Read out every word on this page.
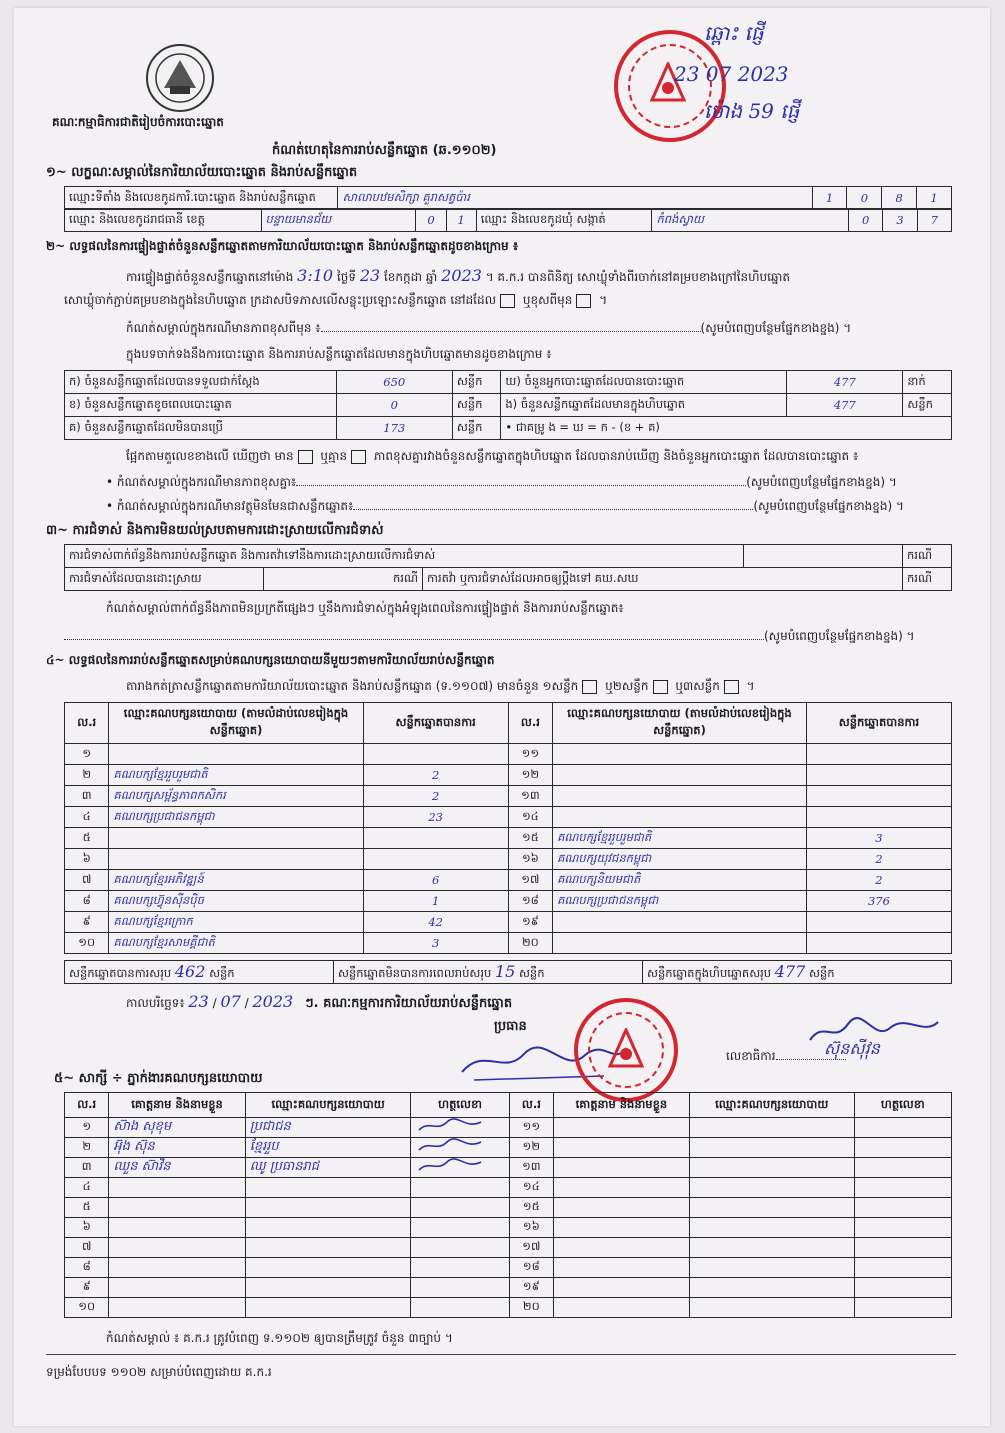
គណៈកម្មាធិការជាតិរៀបចំការបោះឆ្នោត
ឆ្ពោះ ផ្ញើ
23 07 2023
ម៉ោង 59 ផ្ញើ
កំណត់ហេតុនៃការរាប់សន្លឹកឆ្នោត (ឆ.១១០២)
១~ លក្ខណៈសម្គាល់នៃការិយាល័យបោះឆ្នោត និងរាប់សន្លឹកឆ្នោត
ឈ្មោះទីតាំង និងលេខកូដការិ.បោះឆ្នោត និងរាប់សន្លឹកឆ្នោត	សាលាបឋមសិក្សា គួរាសត្វប៉ារ	1	0	8	1
ឈ្មោះ និងលេខកូដរាជធានី ខេត្ត	បន្ទាយមានជ័យ	0	1	ឈ្មោះ និងលេខកូដឃុំ សង្កាត់	កំពង់ស្វាយ	0	3	7
២~ លទ្ធផលនៃការផ្ទៀងផ្ទាត់ចំនួនសន្លឹកឆ្នោតតាមការិយាល័យបោះឆ្នោត និងរាប់សន្លឹកឆ្នោតដូចខាងក្រោម ៖
ការផ្ទៀងផ្ទាត់ចំនួនសន្លឹកឆ្នោតនៅម៉ោង 3:10 ថ្ងៃទី 23 ខែកក្កដា ឆ្នាំ 2023 ។ គ.ក.រ បានពិនិត្យ សោឃ្លុំទាំងពីរចាក់នៅគម្របខាងក្រៅនៃហិបឆ្នោត
សោឃ្លុំចាក់ភ្ជាប់គម្របខាងក្នុងនៃហិបឆ្នោត ក្រដាសបិទភាសលើសន្លុះប្រឡោះសន្លឹកឆ្នោត នៅដដែល ឬខុសពីមុន ។
កំណត់សម្គាល់ក្នុងករណីមានភាពខុសពីមុន ៖	(សូមបំពេញបន្ថែមផ្នែកខាងខ្នង) ។
ក្នុងបទចាក់ទងនឹងការបោះឆ្នោត និងការរាប់សន្លឹកឆ្នោតដែលមានក្នុងហិបឆ្នោតមានដូចខាងក្រោម ៖
ក) ចំនួនសន្លឹកឆ្នោតដែលបានទទួលជាក់ស្ដែង	650	សន្លឹក	ឃ) ចំនួនអ្នកបោះឆ្នោតដែលបានបោះឆ្នោត	477	នាក់
ខ) ចំនួនសន្លឹកឆ្នោតខូចពេលបោះឆ្នោត	0	សន្លឹក	ង) ចំនួនសន្លឹកឆ្នោតដែលមានក្នុងហិបឆ្នោត	477	សន្លឹក
គ) ចំនួនសន្លឹកឆ្នោតដែលមិនបានប្រើ	173	សន្លឹក	• ជាគម្រូ ង = ឃ = ក - (ខ + គ)		
ផ្អែកតាមតួលេខខាងលើ ឃើញថា មាន ឬគ្មាន ភាពខុសគ្នារវាងចំនួនសន្លឹកឆ្នោតក្នុងហិបឆ្នោត ដែលបានរាប់ឃើញ និងចំនួនអ្នកបោះឆ្នោត ដែលបានបោះឆ្នោត ៖
• កំណត់សម្គាល់ក្នុងករណីមានភាពខុសគ្នា៖	(សូមបំពេញបន្ថែមផ្នែកខាងខ្នង) ។
• កំណត់សម្គាល់ក្នុងករណីមានវត្ថុមិនមែនជាសន្លឹកឆ្នោត៖	(សូមបំពេញបន្ថែមផ្នែកខាងខ្នង) ។
៣~ ការជំទាស់ និងការមិនយល់ស្របតាមការដោះស្រាយលើការជំទាស់
ការជំទាស់ពាក់ព័ន្ធនឹងការរាប់សន្លឹកឆ្នោត និងការតវ៉ាទៅនឹងការដោះស្រាយលើការជំទាស់				ករណី
ការជំទាស់ដែលបានដោះស្រាយ	ករណី	ការតវ៉ា ឬការជំទាស់ដែលអាចឲ្យប្ដឹងទៅ គឃ.សឃ		ករណី
កំណត់សម្គាល់ពាក់ព័ន្ធនឹងភាពមិនប្រក្រតីផ្សេងៗ ឬនឹងការជំទាស់ក្នុងអំឡុងពេលនៃការផ្ទៀងផ្ទាត់ និងការរាប់សន្លឹកឆ្នោត៖
(សូមបំពេញបន្ថែមផ្នែកខាងខ្នង) ។
៤~ លទ្ធផលនៃការរាប់សន្លឹកឆ្នោតសម្រាប់គណបក្សនយោបាយនីមួយៗតាមការិយាល័យរាប់សន្លឹកឆ្នោត
តារាងកត់ត្រាសន្លឹកឆ្នោតតាមការិយាល័យបោះឆ្នោត និងរាប់សន្លឹកឆ្នោត (ទ.១១០៧) មានចំនួន ១សន្លឹក ឬ២សន្លឹក ឬ៣សន្លឹក ។
ល.រ	ឈ្មោះគណបក្សនយោបាយ (តាមលំដាប់លេខរៀងក្នុងសន្លឹកឆ្នោត)	សន្លឹកឆ្នោតបានការ	ល.រ	ឈ្មោះគណបក្សនយោបាយ (តាមលំដាប់លេខរៀងក្នុងសន្លឹកឆ្នោត)	សន្លឹកឆ្នោតបានការ
១			១១		
២	គណបក្សខ្មែររួបរួមជាតិ	2	១២		
៣	គណបក្សសម្ព័ន្ធភាពកសិករ	2	១៣		
៤	គណបក្សប្រជាជនកម្ពុជា	23	១៤		
៥			១៥	គណបក្សខ្មែររួបរួមជាតិ	3
៦			១៦	គណបក្សយុវជនកម្ពុជា	2
៧	គណបក្សខ្មែរអភិវឌ្ឍន៍	6	១៧	គណបក្សនិយមជាតិ	2
៨	គណបក្សហ៊្វុនស៊ីនប៉ិច	1	១៨	គណបក្សប្រជាជនកម្ពុជា	376
៩	គណបក្សខ្មែរក្រោក	42	១៩		
១០	គណបក្សខ្មែរសាមគ្គីជាតិ	3	២០		
សន្លឹកឆ្នោតបានការសរុប 462 សន្លឹក	សន្លឹកឆ្នោតមិនបានការពេលរាប់សរុប 15 សន្លឹក	សន្លឹកឆ្នោតក្នុងហិបឆ្នោតសរុប 477 សន្លឹក
កាលបរិច្ឆេទ៖ 23 / 07 / 2023 ៗ. គណៈកម្មការការិយាល័យរាប់សន្លឹកឆ្នោត
ប្រធាន
លេខាធិការ	ស៊ុនស៊ីវុន
៥~ សាក្សី ÷ ភ្នាក់ងារគណបក្សនយោបាយ
ល.រ	គោត្តនាម និងនាមខ្លួន	ឈ្មោះគណបក្សនយោបាយ	ហត្ថលេខា	ល.រ	គោត្តនាម និងនាមខ្លួន	ឈ្មោះគណបក្សនយោបាយ	ហត្ថលេខា
១	ស៊ាង សុខុម	ប្រជាជន		១១			
២	អ៊ុង ស៊ុន	ខ្មែររួប		១២			
៣	ឈួន ស៊ាវិន	ឈូ ប្រធានរាជ		១៣			
៤				១៤			
៥				១៥			
៦				១៦			
៧				១៧			
៨				១៨			
៩				១៩			
១០				២០			
កំណត់សម្គាល់ ៖ គ.ក.រ ត្រូវបំពេញ ទ.១១០២ ឲ្យបានត្រឹមត្រូវ ចំនួន ៣ច្បាប់ ។
ទម្រង់បែបបទ ១១០២ សម្រាប់បំពេញដោយ គ.ក.រ
